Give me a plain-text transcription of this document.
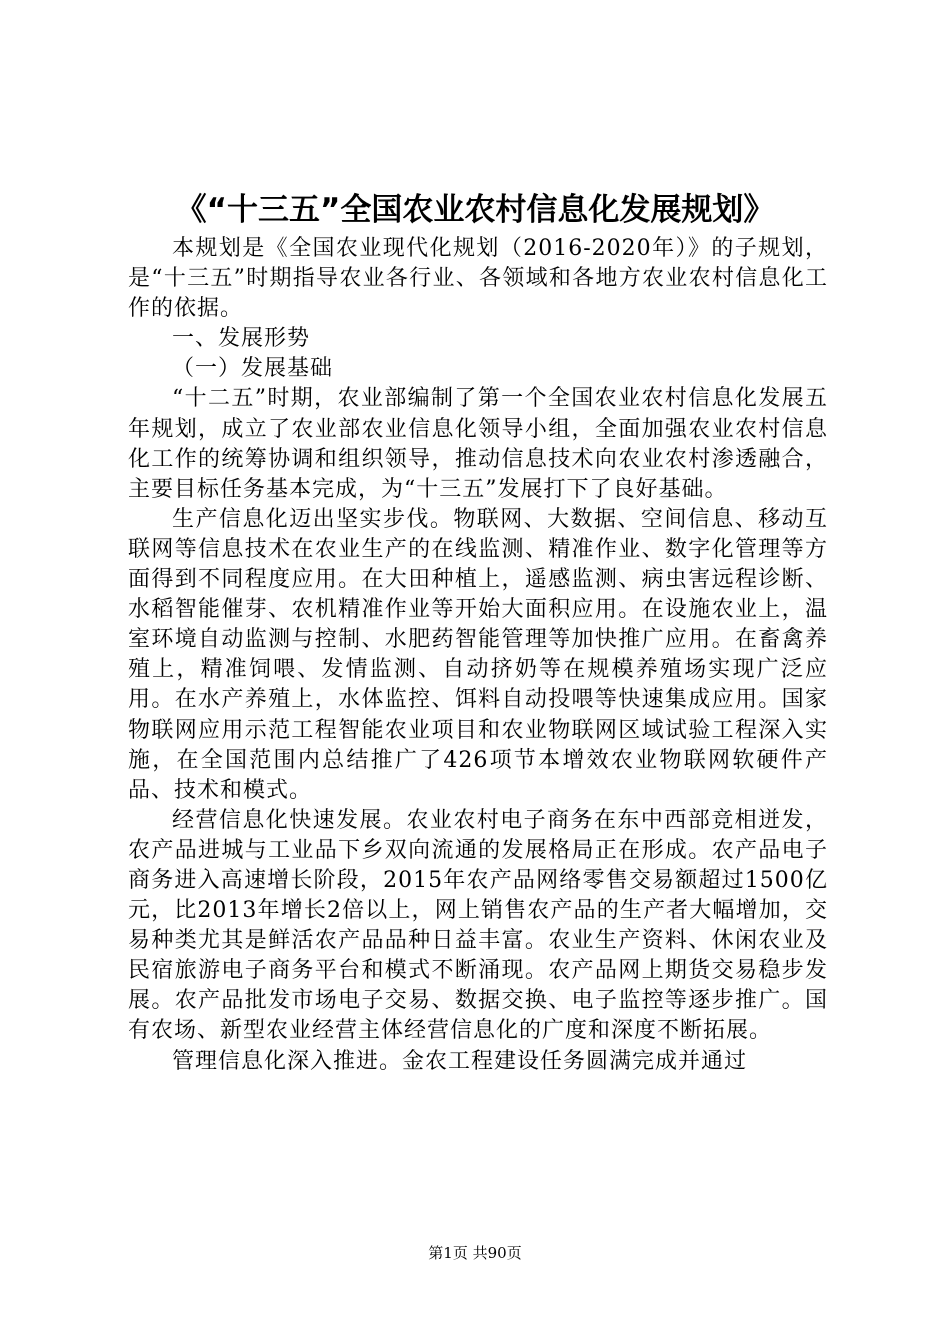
《“十三五”全国农业农村信息化发展规划》

本规划是《全国农业现代化规划（2016-2020年）》的子规划，是“十三五”时期指导农业各行业、各领域和各地方农业农村信息化工作的依据。

一、发展形势

（一）发展基础

“十二五”时期，农业部编制了第一个全国农业农村信息化发展五年规划，成立了农业部农业信息化领导小组，全面加强农业农村信息化工作的统筹协调和组织领导，推动信息技术向农业农村渗透融合，主要目标任务基本完成，为“十三五”发展打下了良好基础。

生产信息化迈出坚实步伐。物联网、大数据、空间信息、移动互联网等信息技术在农业生产的在线监测、精准作业、数字化管理等方面得到不同程度应用。在大田种植上，遥感监测、病虫害远程诊断、水稻智能催芽、农机精准作业等开始大面积应用。在设施农业上，温室环境自动监测与控制、水肥药智能管理等加快推广应用。在畜禽养殖上，精准饲喂、发情监测、自动挤奶等在规模养殖场实现广泛应用。在水产养殖上，水体监控、饵料自动投喂等快速集成应用。国家物联网应用示范工程智能农业项目和农业物联网区域试验工程深入实施，在全国范围内总结推广了426项节本增效农业物联网软硬件产品、技术和模式。

经营信息化快速发展。农业农村电子商务在东中西部竞相迸发，农产品进城与工业品下乡双向流通的发展格局正在形成。农产品电子商务进入高速增长阶段，2015年农产品网络零售交易额超过1500亿元，比2013年增长2倍以上，网上销售农产品的生产者大幅增加，交易种类尤其是鲜活农产品品种日益丰富。农业生产资料、休闲农业及民宿旅游电子商务平台和模式不断涌现。农产品网上期货交易稳步发展。农产品批发市场电子交易、数据交换、电子监控等逐步推广。国有农场、新型农业经营主体经营信息化的广度和深度不断拓展。

管理信息化深入推进。金农工程建设任务圆满完成并通过

第1页 共90页
